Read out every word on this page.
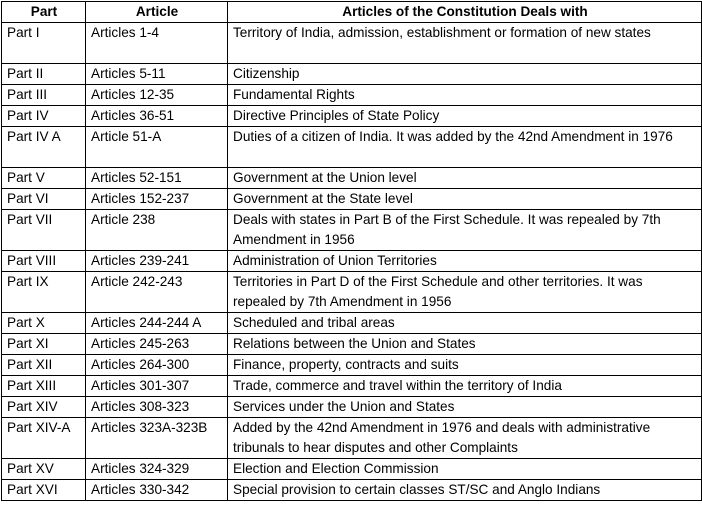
Part	Article	Articles of the Constitution Deals with
Part I	Articles 1-4	Territory of India, admission, establishment or formation of new states
Part II	Articles 5-11	Citizenship
Part III	Articles 12-35	Fundamental Rights
Part IV	Articles 36-51	Directive Principles of State Policy
Part IV A	Article 51-A	Duties of a citizen of India. It was added by the 42nd Amendment in 1976
Part V	Articles 52-151	Government at the Union level
Part VI	Articles 152-237	Government at the State level
Part VII	Article 238	Deals with states in Part B of the First Schedule. It was repealed by 7th Amendment in 1956
Part VIII	Articles 239-241	Administration of Union Territories
Part IX	Article 242-243	Territories in Part D of the First Schedule and other territories. It was repealed by 7th Amendment in 1956
Part X	Articles 244-244 A	Scheduled and tribal areas
Part XI	Articles 245-263	Relations between the Union and States
Part XII	Articles 264-300	Finance, property, contracts and suits
Part XIII	Articles 301-307	Trade, commerce and travel within the territory of India
Part XIV	Articles 308-323	Services under the Union and States
Part XIV-A	Articles 323A-323B	Added by the 42nd Amendment in 1976 and deals with administrative tribunals to hear disputes and other Complaints
Part XV	Articles 324-329	Election and Election Commission
Part XVI	Articles 330-342	Special provision to certain classes ST/SC and Anglo Indians
